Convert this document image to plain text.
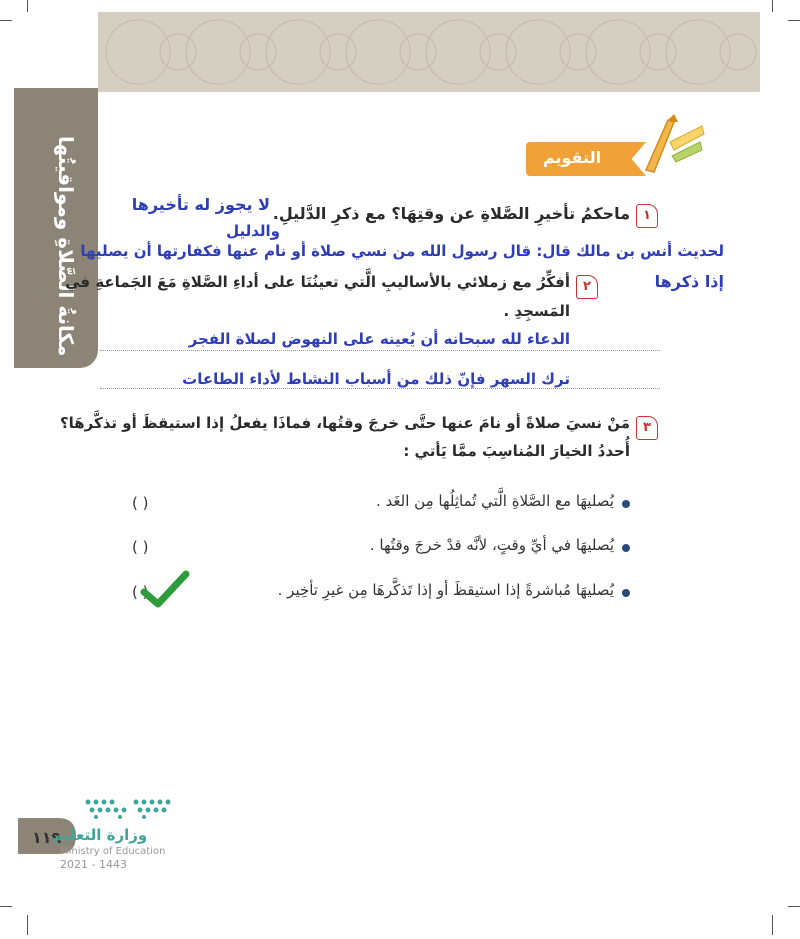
مكانةُ الصَّلاةِ ومواقيتُها	التقويم
١
ماحكمُ تأخيرِ الصَّلاةِ عن وقتِهَا؟ مع ذكرِ الدَّليلِ.
لا يجوز له تأخيرها
والدليل
لحديث أنس بن مالك قال: قال رسول الله من نسي صلاة أو نام عنها فكفارتها أن يصليها
إذا ذكرها
٢
أفكِّرُ مع زملائي بالأساليبِ الَّتي تعينُنَا على أداءِ الصَّلاةِ مَعَ الجَماعةِ في
المَسجِدِ .
الدعاء لله سبحانه أن يُعينه على النهوض لصلاة الفجر
ترك السهر فإنّ ذلك من أسباب النشاط لأداء الطاعات
٣
مَنْ نسيَ صلاةً أو نامَ عنها حتَّى خرجَ وقتُها، فماذَا يفعلُ إذا استيقظَ أو تذكَّرهَا؟
أُحددُ الخيارَ المُناسِبَ ممَّا يَأتي :
يُصليهَا مع الصَّلاةِ الَّتي تُماثِلُها مِن الغَد .
( )
يُصليهَا في أيِّ وقتٍ، لأنَّه قدْ خرجَ وقتُها .
( )
يُصليهَا مُباشرةً إذا استيقظَ أو إذا تَذكَّرهَا مِن غيرِ تأخِير .
( )
١١٩
وزارة التعليم
Ministry of Education
2021 - 1443
